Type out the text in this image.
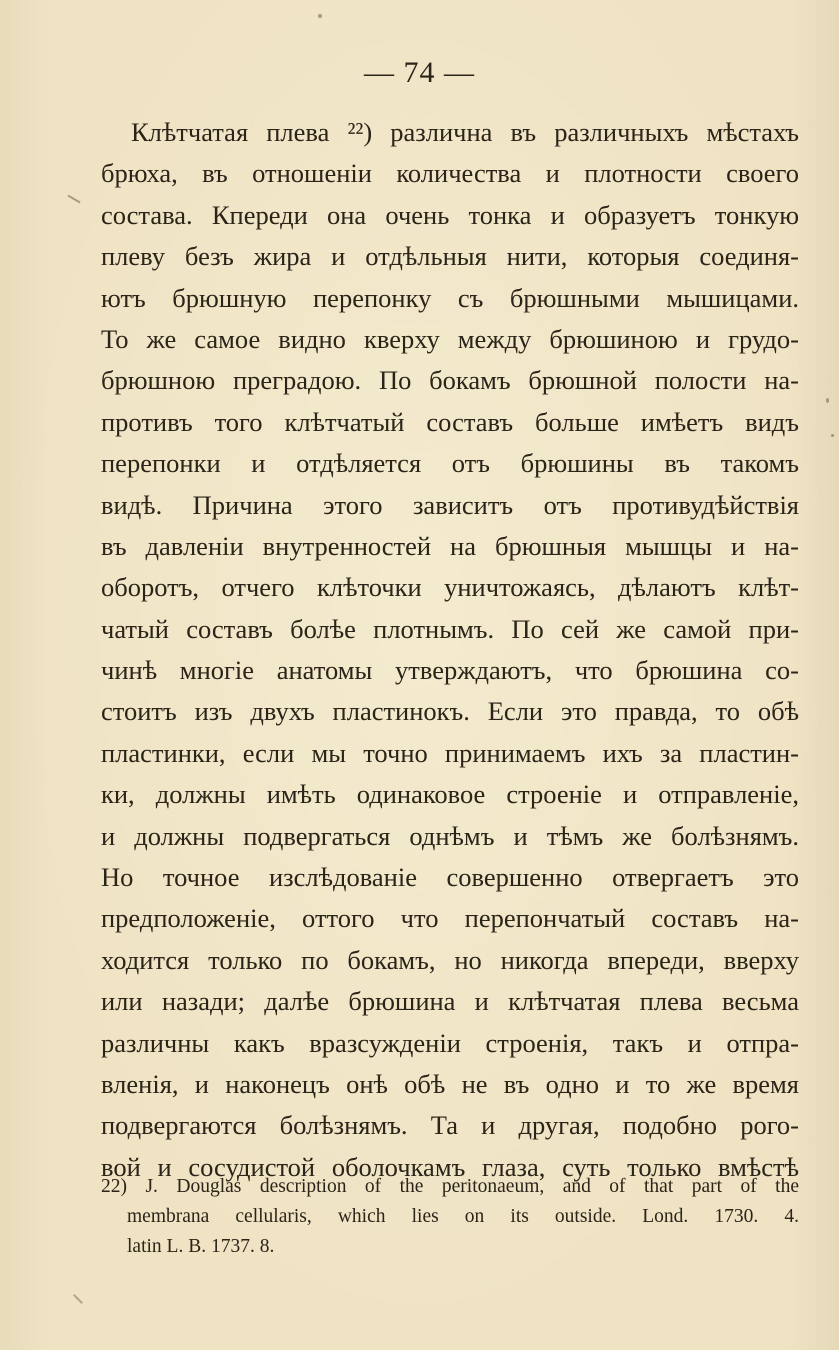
— 74 —
Клѣтчатая плева ²²) различна въ различныхъ мѣстахъ
брюха, въ отношеніи количества и плотности своего
состава. Кпереди она очень тонка и образуетъ тонкую
плеву безъ жира и отдѣльныя нити, которыя соединя-
ютъ брюшную перепонку съ брюшными мышицами.
То же самое видно кверху между брюшиною и грудо-
брюшною преградою. По бокамъ брюшной полости на-
противъ того клѣтчатый составъ больше имѣетъ видъ
перепонки и отдѣляется отъ брюшины въ такомъ
видѣ. Причина этого зависитъ отъ противудѣйствія
въ давленіи внутренностей на брюшныя мышцы и на-
оборотъ, отчего клѣточки уничтожаясь, дѣлаютъ клѣт-
чатый составъ болѣе плотнымъ. По сей же самой при-
чинѣ многіе анатомы утверждаютъ, что брюшина со-
стоитъ изъ двухъ пластинокъ. Если это правда, то обѣ
пластинки, если мы точно принимаемъ ихъ за пластин-
ки, должны имѣть одинаковое строеніе и отправленіе,
и должны подвергаться однѣмъ и тѣмъ же болѣзнямъ.
Но точное изслѣдованіе совершенно отвергаетъ это
предположеніе, оттого что перепончатый составъ на-
ходится только по бокамъ, но никогда впереди, вверху
или назади; далѣе брюшина и клѣтчатая плева весьма
различны какъ вразсужденіи строенія, такъ и отпра-
вленія, и наконецъ онѣ обѣ не въ одно и то же время
подвергаются болѣзнямъ. Та и другая, подобно рого-
вой и сосудистой оболочкамъ глаза, суть только вмѣстѣ
22) J. Douglas description of the peritonaeum, and of that part of the
membrana cellularis, which lies on its outside. Lond. 1730. 4.
latin L. B. 1737. 8.
